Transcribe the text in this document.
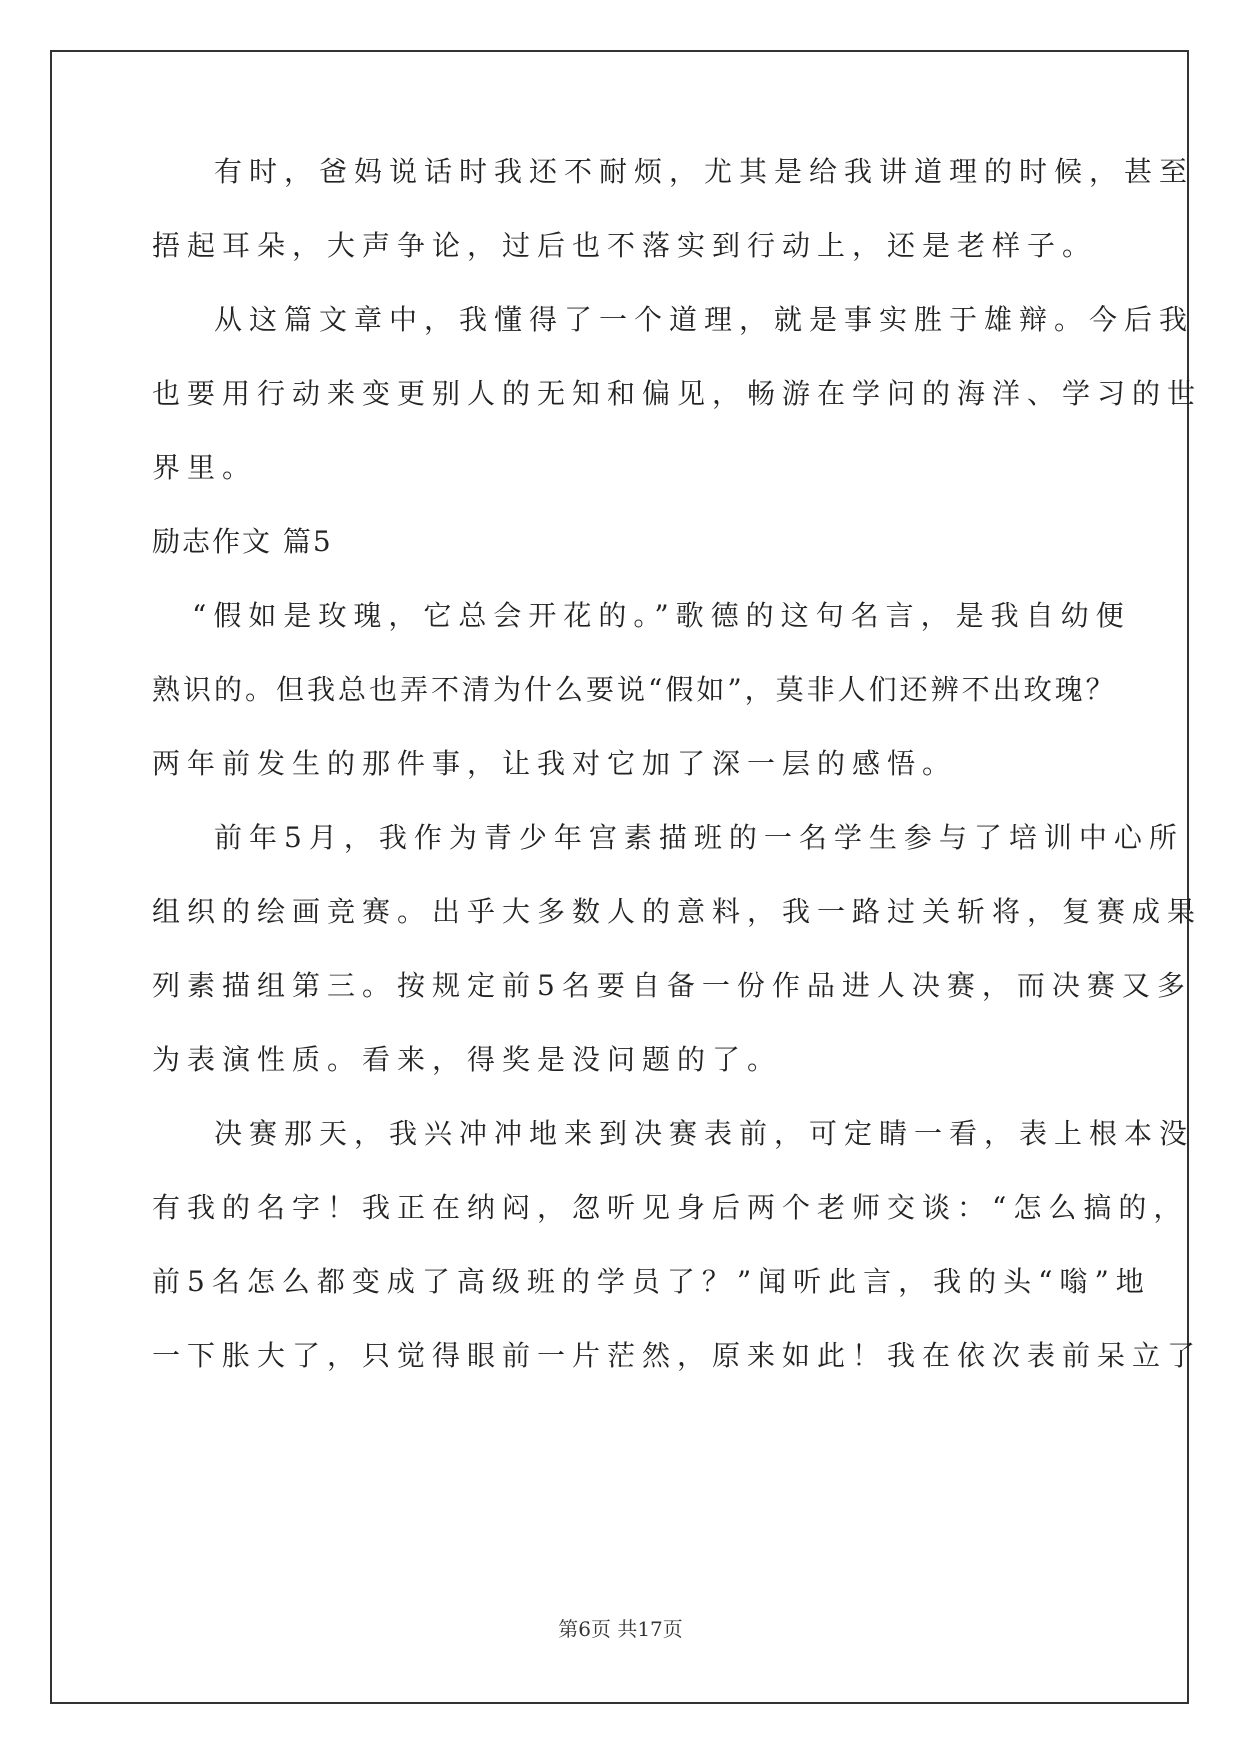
有时，爸妈说话时我还不耐烦，尤其是给我讲道理的时候，甚至
捂起耳朵，大声争论，过后也不落实到行动上，还是老样子。
从这篇文章中，我懂得了一个道理，就是事实胜于雄辩。今后我
也要用行动来变更别人的无知和偏见，畅游在学问的海洋、学习的世
界里。
励志作文 篇5
“假如是玫瑰，它总会开花的。”歌德的这句名言，是我自幼便
熟识的。但我总也弄不清为什么要说“假如”，莫非人们还辨不出玫瑰？
两年前发生的那件事，让我对它加了深一层的感悟。
前年5月，我作为青少年宫素描班的一名学生参与了培训中心所
组织的绘画竞赛。出乎大多数人的意料，我一路过关斩将，复赛成果
列素描组第三。按规定前5名要自备一份作品进人决赛，而决赛又多
为表演性质。看来，得奖是没问题的了。
决赛那天，我兴冲冲地来到决赛表前，可定睛一看，表上根本没
有我的名字！我正在纳闷，忽听见身后两个老师交谈：“怎么搞的，
前5名怎么都变成了高级班的学员了？”闻听此言，我的头“嗡”地
一下胀大了，只觉得眼前一片茫然，原来如此！我在依次表前呆立了
第6页 共17页
